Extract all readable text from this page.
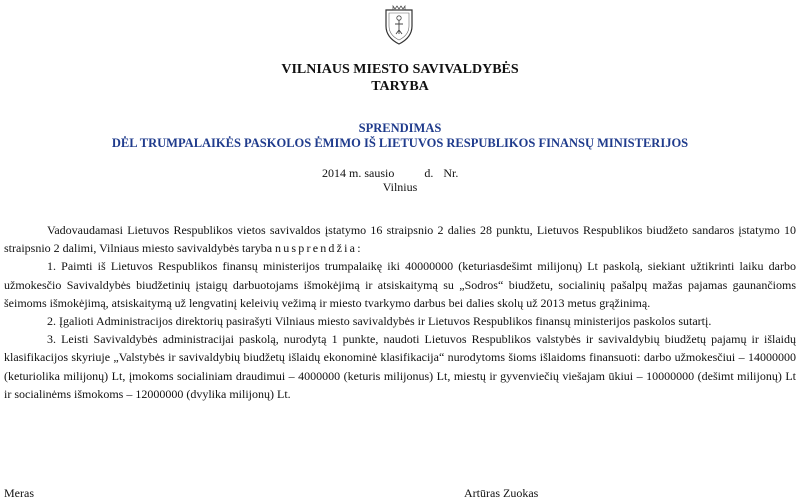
VILNIAUS MIESTO SAVIVALDYBĖS
TARYBA
SPRENDIMAS
DĖL TRUMPALAIKĖS PASKOLOS ĖMIMO IŠ LIETUVOS RESPUBLIKOS FINANSŲ MINISTERIJOS
2014 m. sausio	d. Nr.
Vilnius

Vadovaudamasi Lietuvos Respublikos vietos savivaldos įstatymo 16 straipsnio 2 dalies 28 punktu, Lietuvos Respublikos biudžeto sandaros įstatymo 10 straipsnio 2 dalimi, Vilniaus miesto savivaldybės taryba nusprendžia:

1. Paimti iš Lietuvos Respublikos finansų ministerijos trumpalaikę iki 40000000 (keturiasdešimt milijonų) Lt paskolą, siekiant užtikrinti laiku darbo užmokesčio Savivaldybės biudžetinių įstaigų darbuotojams išmokėjimą ir atsiskaitymą su „Sodros“ biudžetu, socialinių pašalpų mažas pajamas gaunančioms šeimoms išmokėjimą, atsiskaitymą už lengvatinį keleivių vežimą ir miesto tvarkymo darbus bei dalies skolų už 2013 metus grąžinimą.

2. Įgalioti Administracijos direktorių pasirašyti Vilniaus miesto savivaldybės ir Lietuvos Respublikos finansų ministerijos paskolos sutartį.

3. Leisti Savivaldybės administracijai paskolą, nurodytą 1 punkte, naudoti Lietuvos Respublikos valstybės ir savivaldybių biudžetų pajamų ir išlaidų klasifikacijos skyriuje „Valstybės ir savivaldybių biudžetų išlaidų ekonominė klasifikacija“ nurodytoms šioms išlaidoms finansuoti: darbo užmokesčiui – 14000000 (keturiolika milijonų) Lt, įmokoms socialiniam draudimui – 4000000 (keturis milijonus) Lt, miestų ir gyvenviečių viešajam ūkiui – 10000000 (dešimt milijonų) Lt ir socialinėms išmokoms – 12000000 (dvylika milijonų) Lt.

Meras	Artūras Zuokas
